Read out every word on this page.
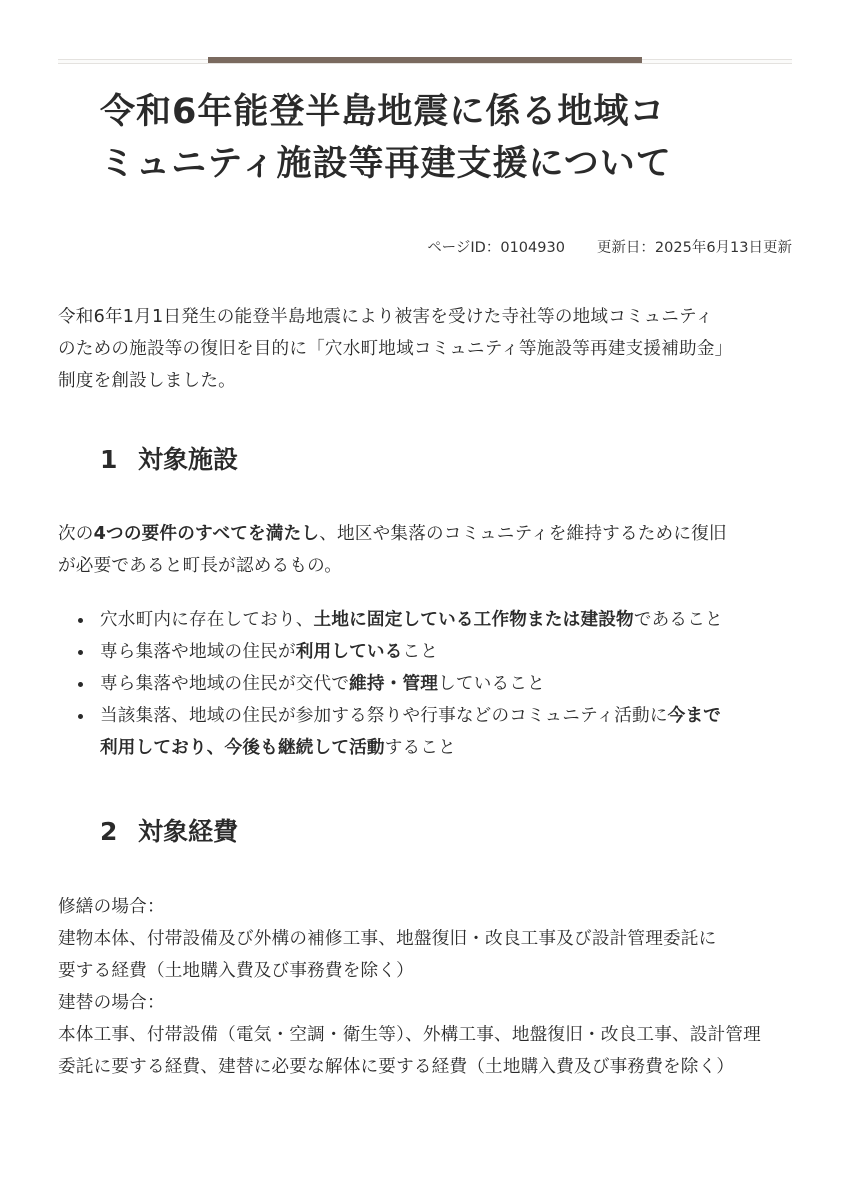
令和6年能登半島地震に係る地域コ
ミュニティ施設等再建支援について
ページID：0104930 更新日：2025年6月13日更新
令和6年1月1日発生の能登半島地震により被害を受けた寺社等の地域コミュニティ
のための施設等の復旧を目的に「穴水町地域コミュニティ等施設等再建支援補助金」
制度を創設しました。
1 対象施設
次の4つの要件のすべてを満たし、地区や集落のコミュニティを維持するために復旧
が必要であると町長が認めるもの。
穴水町内に存在しており、土地に固定している工作物または建設物であること
専ら集落や地域の住民が利用していること
専ら集落や地域の住民が交代で維持・管理していること
当該集落、地域の住民が参加する祭りや行事などのコミュニティ活動に今まで
利用しており、今後も継続して活動すること
2 対象経費
修繕の場合：
建物本体、付帯設備及び外構の補修工事、地盤復旧・改良工事及び設計管理委託に
要する経費（土地購入費及び事務費を除く）
建替の場合：
本体工事、付帯設備（電気・空調・衛生等）、外構工事、地盤復旧・改良工事、設計管理
委託に要する経費、建替に必要な解体に要する経費（土地購入費及び事務費を除く）
